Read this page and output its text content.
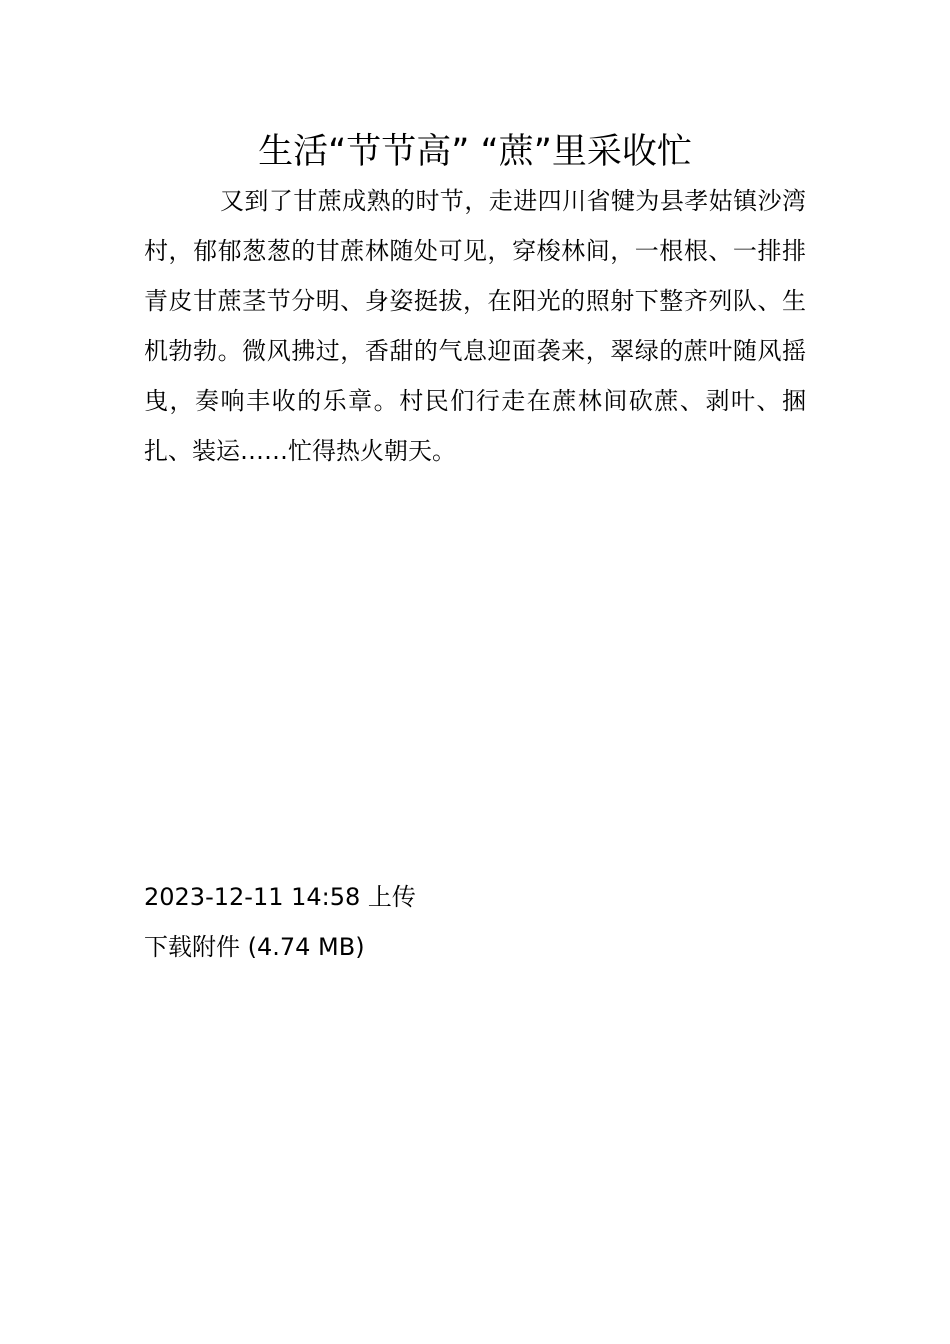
生活“节节高” “蔗”里采收忙

又到了甘蔗成熟的时节，走进四川省犍为县孝姑镇沙湾村，郁郁葱葱的甘蔗林随处可见，穿梭林间，一根根、一排排青皮甘蔗茎节分明、身姿挺拔，在阳光的照射下整齐列队、生机勃勃。微风拂过，香甜的气息迎面袭来，翠绿的蔗叶随风摇曳，奏响丰收的乐章。村民们行走在蔗林间砍蔗、剥叶、捆扎、装运……忙得热火朝天。

2023-12-11 14:58 上传
下载附件 (4.74 MB)
